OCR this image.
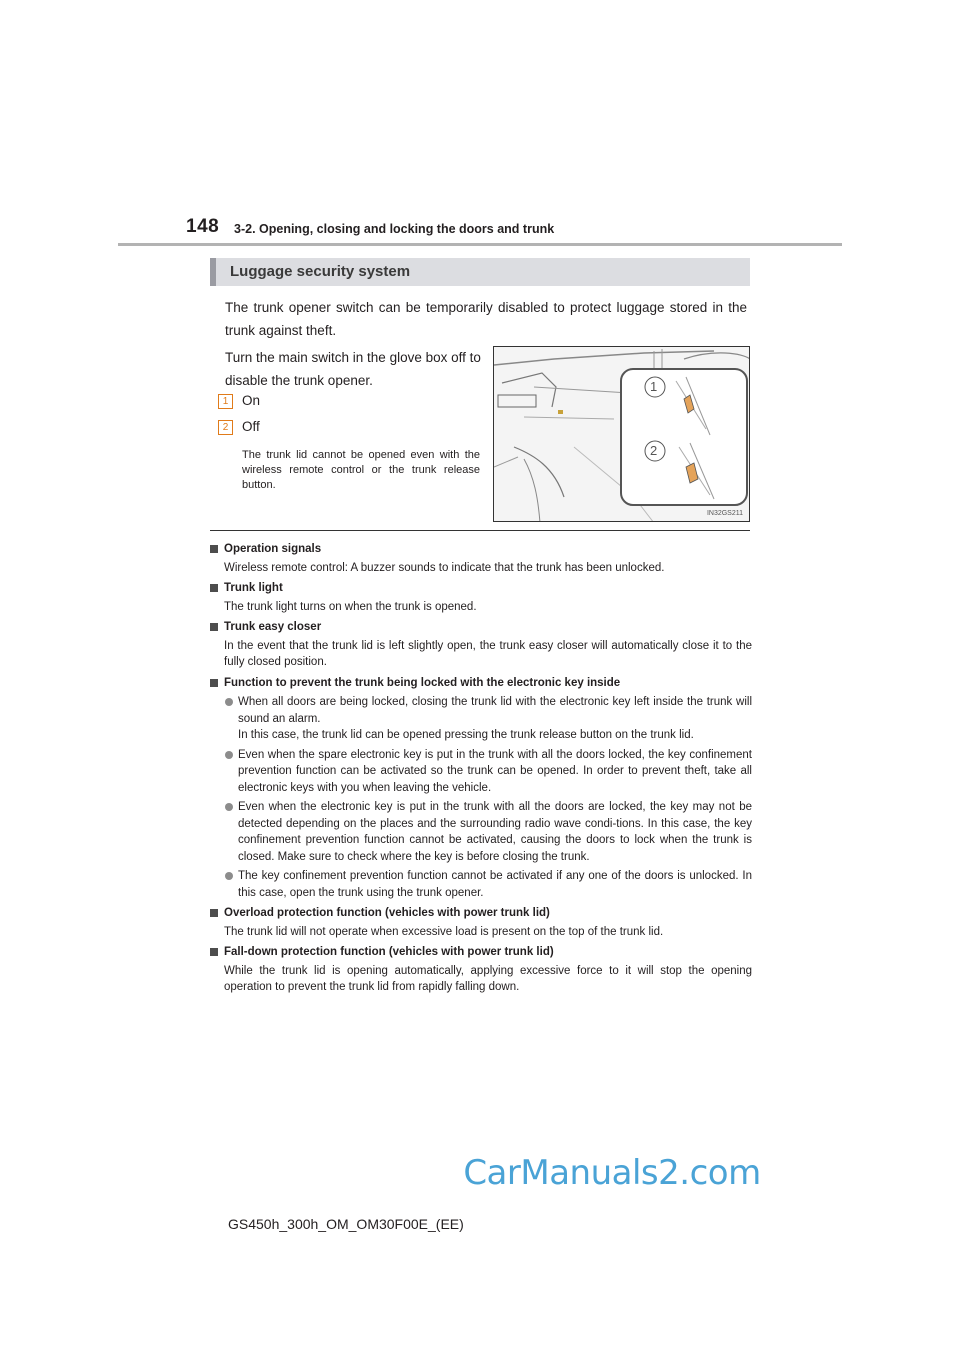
148 3-2. Opening, closing and locking the doors and trunk
Luggage security system

The trunk opener switch can be temporarily disabled to protect luggage stored in the trunk against theft.

Turn the main switch in the glove box off to disable the trunk opener.

1	On
2	Off

The trunk lid cannot be opened even with the wireless remote control or the trunk release button.

1
2
IN32GS211
Operation signals
Wireless remote control: A buzzer sounds to indicate that the trunk has been unlocked.
Trunk light
The trunk light turns on when the trunk is opened.
Trunk easy closer
In the event that the trunk lid is left slightly open, the trunk easy closer will automatically close it to the fully closed position.
Function to prevent the trunk being locked with the electronic key inside

When all doors are being locked, closing the trunk lid with the electronic key left inside the trunk will sound an alarm.

In this case, the trunk lid can be opened pressing the trunk release button on the trunk lid.

Even when the spare electronic key is put in the trunk with all the doors locked, the key confinement prevention function can be activated so the trunk can be opened. In order to prevent theft, take all electronic keys with you when leaving the vehicle.

Even when the electronic key is put in the trunk with all the doors are locked, the key may not be detected depending on the places and the surrounding radio wave condi-tions. In this case, the key confinement prevention function cannot be activated, causing the doors to lock when the trunk is closed. Make sure to check where the key is before closing the trunk.

The key confinement prevention function cannot be activated if any one of the doors is unlocked. In this case, open the trunk using the trunk opener.

Overload protection function (vehicles with power trunk lid)
The trunk lid will not operate when excessive load is present on the top of the trunk lid.
Fall-down protection function (vehicles with power trunk lid)
While the trunk lid is opening automatically, applying excessive force to it will stop the opening operation to prevent the trunk lid from rapidly falling down.
CarManuals2.com
GS450h_300h_OM_OM30F00E_(EE)
